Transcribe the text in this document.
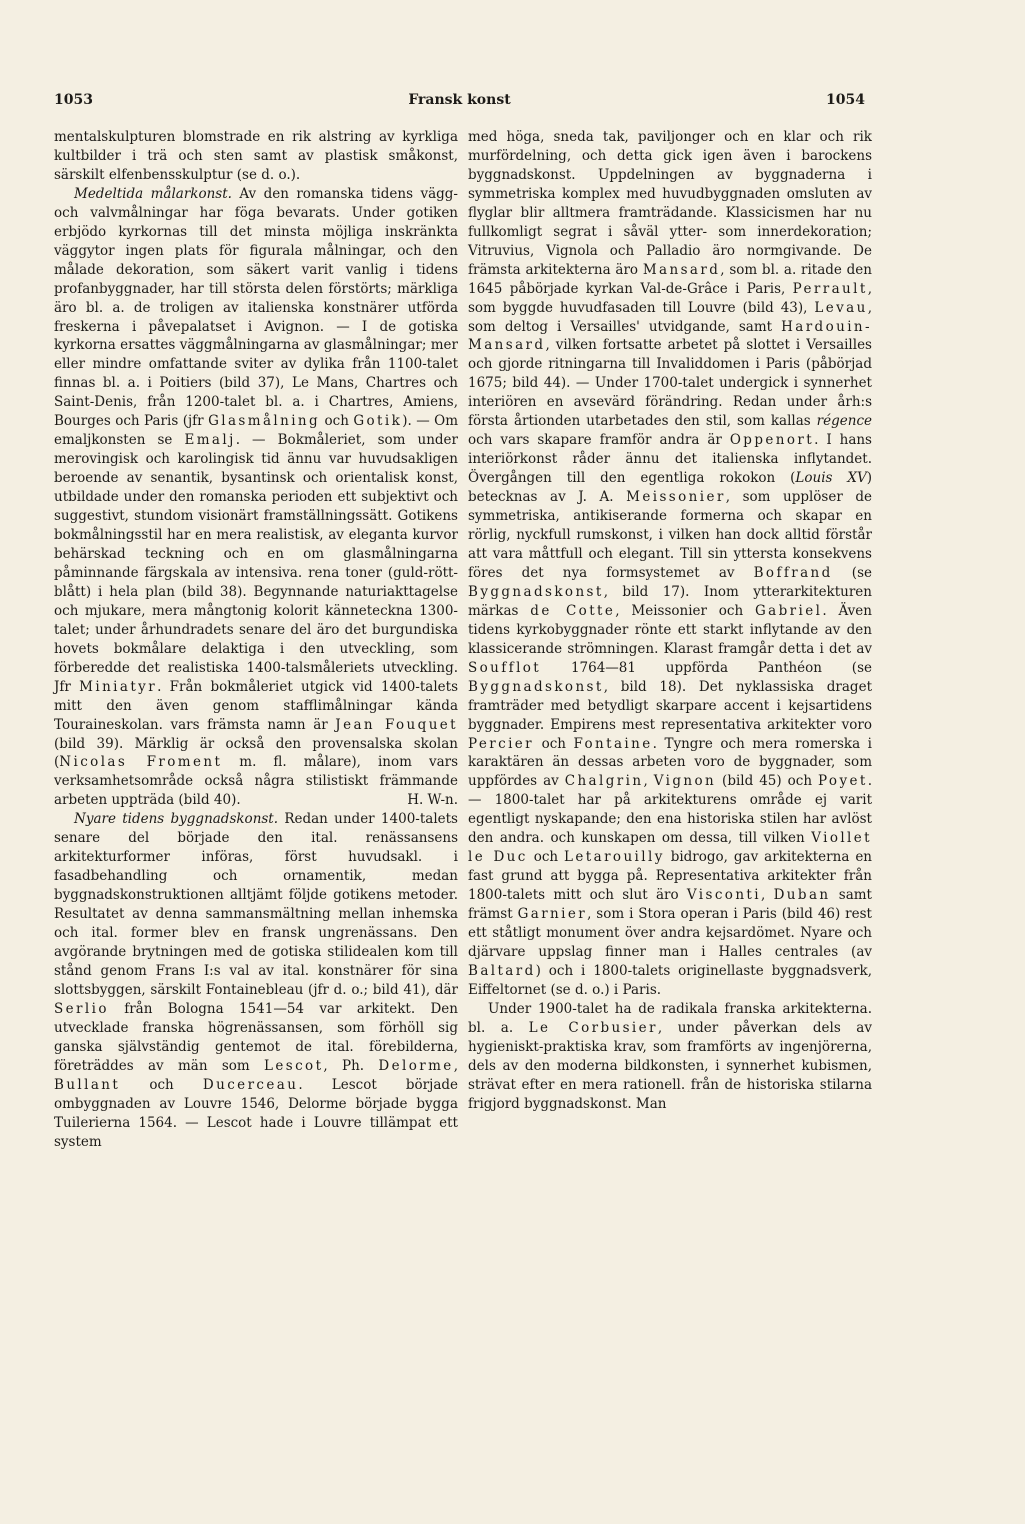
1053	Fransk konst	1054

mentalskulpturen blomstrade en rik alstring av kyrkliga kultbilder i trä och sten samt av plastisk småkonst, särskilt elfenbensskulptur (se d. o.).

Medeltida målarkonst. Av den romanska tidens vägg- och valvmålningar har föga bevarats. Under gotiken erbjödo kyrkornas till det minsta möjliga inskränkta väggytor ingen plats för figurala målningar, och den målade dekoration, som säkert varit vanlig i tidens profanbyggnader, har till största delen förstörts; märkliga äro bl. a. de troligen av italienska konstnärer utförda freskerna i påvepalatset i Avignon. — I de gotiska kyrkorna ersattes väggmålningarna av glasmålningar; mer eller mindre omfattande sviter av dylika från 1100-talet finnas bl. a. i Poitiers (bild 37), Le Mans, Chartres och Saint-Denis, från 1200-talet bl. a. i Chartres, Amiens, Bourges och Paris (jfr Glasmålning och Gotik). — Om emaljkonsten se Emalj. — Bokmåleriet, som under merovingisk och karolingisk tid ännu var huvudsakligen beroende av senantik, bysantinsk och orientalisk konst, utbildade under den romanska perioden ett subjektivt och suggestivt, stundom visionärt framställningssätt. Gotikens bokmålningsstil har en mera realistisk, av eleganta kurvor behärskad teckning och en om glasmålningarna påminnande färgskala av intensiva. rena toner (guld-rött-blått) i hela plan (bild 38). Begynnande naturiakttagelse och mjukare, mera mångtonig kolorit känneteckna 1300-talet; under århundradets senare del äro det burgundiska hovets bokmålare delaktiga i den utveckling, som förberedde det realistiska 1400-talsmåleriets utveckling. Jfr Miniatyr. Från bokmåleriet utgick vid 1400-talets mitt den även genom stafflimålningar kända Touraineskolan. vars främsta namn är Jean Fouquet (bild 39). Märklig är också den provensalska skolan (Nicolas Froment m. fl. målare), inom vars verksamhetsområde också några stilistiskt främmande arbeten uppträda (bild 40).	H. W-n.

Nyare tidens byggnadskonst. Redan under 1400-talets senare del började den ital. renässansens arkitekturformer införas, först huvudsakl. i fasadbehandling och ornamentik, medan byggnadskonstruktionen alltjämt följde gotikens metoder. Resultatet av denna sammansmältning mellan inhemska och ital. former blev en fransk ungrenässans. Den avgörande brytningen med de gotiska stilidealen kom till stånd genom Frans I:s val av ital. konstnärer för sina slottsbyggen, särskilt Fontainebleau (jfr d. o.; bild 41), där Serlio från Bologna 1541—54 var arkitekt. Den utvecklade franska högrenässansen, som förhöll sig ganska självständig gentemot de ital. förebilderna, företräddes av män som Lescot, Ph. Delorme, Bullant och Ducerceau. Lescot började ombyggnaden av Louvre 1546, Delorme började bygga Tuilerierna 1564. — Lescot hade i Louvre tillämpat ett system

med höga, sneda tak, paviljonger och en klar och rik murfördelning, och detta gick igen även i barockens byggnadskonst. Uppdelningen av byggnaderna i symmetriska komplex med huvudbyggnaden omsluten av flyglar blir alltmera framträdande. Klassicismen har nu fullkomligt segrat i såväl ytter- som innerdekoration; Vitruvius, Vignola och Palladio äro normgivande. De främsta arkitekterna äro Mansard, som bl. a. ritade den 1645 påbörjade kyrkan Val-de-Grâce i Paris, Perrault, som byggde huvudfasaden till Louvre (bild 43), Levau, som deltog i Versailles' utvidgande, samt Hardouin-Mansard, vilken fortsatte arbetet på slottet i Versailles och gjorde ritningarna till Invaliddomen i Paris (påbörjad 1675; bild 44). — Under 1700-talet undergick i synnerhet interiören en avsevärd förändring. Redan under årh:s första årtionden utarbetades den stil, som kallas régence och vars skapare framför andra är Oppenort. I hans interiörkonst råder ännu det italienska inflytandet. Övergången till den egentliga rokokon (Louis XV) betecknas av J. A. Meissonier, som upplöser de symmetriska, antikiserande formerna och skapar en rörlig, nyckfull rumskonst, i vilken han dock alltid förstår att vara måttfull och elegant. Till sin yttersta konsekvens föres det nya formsystemet av Boffrand (se Byggnadskonst, bild 17). Inom ytterarkitekturen märkas de Cotte, Meissonier och Gabriel. Även tidens kyrkobyggnader rönte ett starkt inflytande av den klassicerande strömningen. Klarast framgår detta i det av Soufflot 1764—81 uppförda Panthéon (se Byggnadskonst, bild 18). Det nyklassiska draget framträder med betydligt skarpare accent i kejsartidens byggnader. Empirens mest representativa arkitekter voro Percier och Fontaine. Tyngre och mera romerska i karaktären än dessas arbeten voro de byggnader, som uppfördes av Chalgrin, Vignon (bild 45) och Poyet. — 1800-talet har på arkitekturens område ej varit egentligt nyskapande; den ena historiska stilen har avlöst den andra. och kunskapen om dessa, till vilken Viollet le Duc och Letarouilly bidrogo, gav arkitekterna en fast grund att bygga på. Representativa arkitekter från 1800-talets mitt och slut äro Visconti, Duban samt främst Garnier, som i Stora operan i Paris (bild 46) rest ett ståtligt monument över andra kejsardömet. Nyare och djärvare uppslag finner man i Halles centrales (av Baltard) och i 1800-talets originellaste byggnadsverk, Eiffeltornet (se d. o.) i Paris.

Under 1900-talet ha de radikala franska arkitekterna. bl. a. Le Corbusier, under påverkan dels av hygieniskt-praktiska krav, som framförts av ingenjörerna, dels av den moderna bildkonsten, i synnerhet kubismen, strävat efter en mera rationell. från de historiska stilarna frigjord byggnadskonst. Man
